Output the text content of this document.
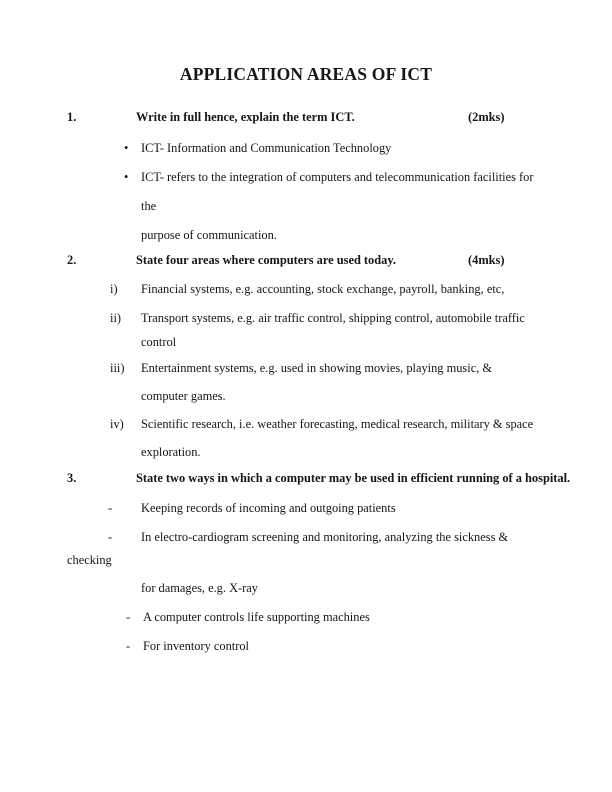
APPLICATION AREAS OF ICT
1.	Write in full hence, explain the term ICT.	(2mks)
• ICT- Information and Communication Technology
• ICT- refers to the integration of computers and telecommunication facilities for
the
purpose of communication.
2.	State four areas where computers are used today.	(4mks)
i) Financial systems, e.g. accounting, stock exchange, payroll, banking, etc,
ii) Transport systems, e.g. air traffic control, shipping control, automobile traffic
control
iii) Entertainment systems, e.g. used in showing movies, playing music, &
computer games.
iv) Scientific research, i.e. weather forecasting, medical research, military & space
exploration.
3.	State two ways in which a computer may be used in efficient running of a hospital.
- Keeping records of incoming and outgoing patients
- In electro-cardiogram screening and monitoring, analyzing the sickness &
checking
for damages, e.g. X-ray
- A computer controls life supporting machines
- For inventory control
